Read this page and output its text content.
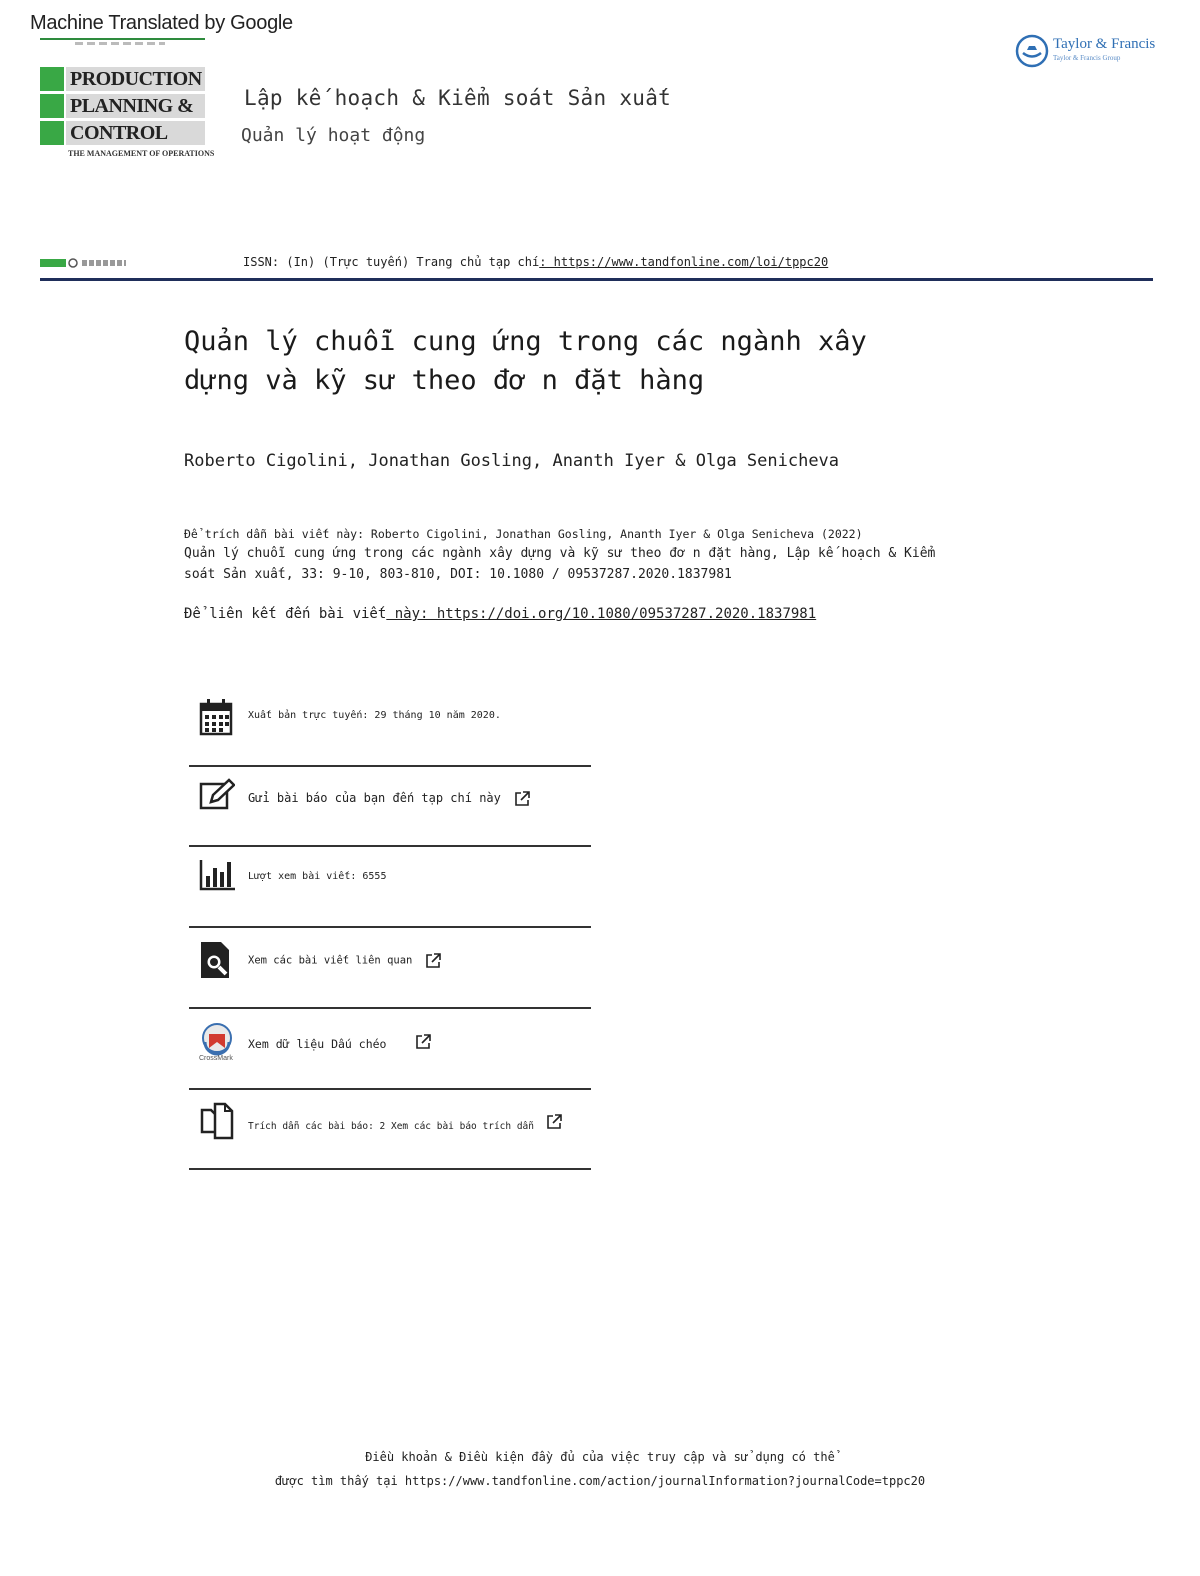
Machine Translated by Google
PRODUCTION
PLANNING &
CONTROL
THE MANAGEMENT OF OPERATIONS
Lập kế hoạch & Kiểm soát Sản xuất
Quản lý hoạt động
Taylor & Francis
Taylor & Francis Group
ISSN: (In) (Trực tuyến) Trang chủ tạp chí: https://www.tandfonline.com/loi/tppc20
Quản lý chuỗi cung ứng trong các ngành xây
dựng và kỹ sư theo đơ n đặt hàng
Roberto Cigolini, Jonathan Gosling, Ananth Iyer & Olga Senicheva
Để trích dẫn bài viết này: Roberto Cigolini, Jonathan Gosling, Ananth Iyer & Olga Senicheva (2022)
Quản lý chuỗi cung ứng trong các ngành xây dựng và kỹ sư theo đơ n đặt hàng, Lập kế hoạch & Kiểm
soát Sản xuất, 33: 9-10, 803-810, DOI: 10.1080 / 09537287.2020.1837981
Để liên kết đến bài viết này: https://doi.org/10.1080/09537287.2020.1837981
Xuất bản trực tuyến: 29 tháng 10 năm 2020.
Gửi bài báo của bạn đến tạp chí này
Lượt xem bài viết: 6555
Xem các bài viết liên quan
CrossMark
Xem dữ liệu Dấu chéo
Trích dẫn các bài báo: 2 Xem các bài báo trích dẫn
Điều khoản & Điều kiện đầy đủ của việc truy cập và sử dụng có thể
được tìm thấy tại https://www.tandfonline.com/action/journalInformation?journalCode=tppc20
